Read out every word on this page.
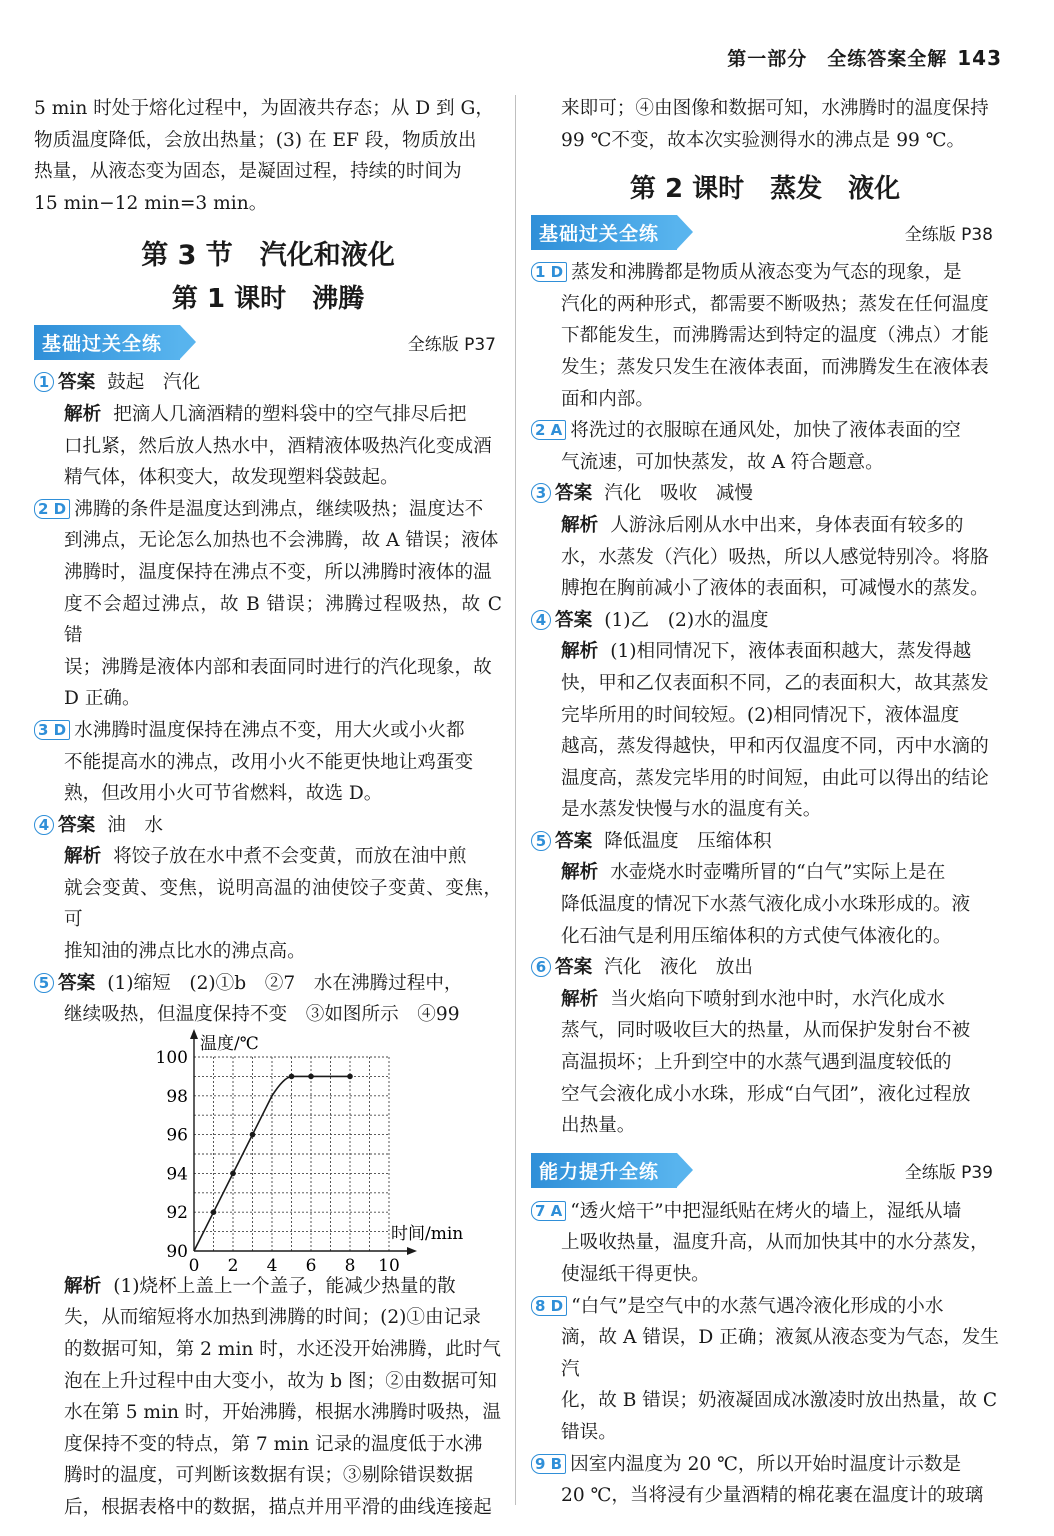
第一部分　全练答案全解 143

5 min 时处于熔化过程中，为固液共存态；从 D 到 G，

物质温度降低，会放出热量；(3) 在 EF 段，物质放出

热量，从液态变为固态，是凝固过程，持续的时间为

15 min−12 min=3 min。

第 3 节　汽化和液化
第 1 课时　沸腾
基础过关全练	全练版 P37

1 答案 鼓起　汽化

解析 把滴人几滴酒精的塑料袋中的空气排尽后把

口扎紧，然后放人热水中，酒精液体吸热汽化变成酒

精气体，体积变大，故发现塑料袋鼓起。

2 D 沸腾的条件是温度达到沸点，继续吸热；温度达不

到沸点，无论怎么加热也不会沸腾，故 A 错误；液体

沸腾时，温度保持在沸点不变，所以沸腾时液体的温

度不会超过沸点，故 B 错误；沸腾过程吸热，故 C 错

误；沸腾是液体内部和表面同时进行的汽化现象，故

D 正确。

3 D 水沸腾时温度保持在沸点不变，用大火或小火都

不能提高水的沸点，改用小火不能更快地让鸡蛋变

熟，但改用小火可节省燃料，故选 D。

4 答案 油　水

解析 将饺子放在水中煮不会变黄，而放在油中煎

就会变黄、变焦，说明高温的油使饺子变黄、变焦，可

推知油的沸点比水的沸点高。

5 答案 (1)缩短　(2)①b　②7　水在沸腾过程中，

继续吸热，但温度保持不变　③如图所示　④99

温度/℃
时间/min
0 2 4 6 8 10
90
92
94
96
98
100

解析 (1)烧杯上盖上一个盖子，能减少热量的散

失，从而缩短将水加热到沸腾的时间；(2)①由记录

的数据可知，第 2 min 时，水还没开始沸腾，此时气

泡在上升过程中由大变小，故为 b 图；②由数据可知

水在第 5 min 时，开始沸腾，根据水沸腾时吸热，温

度保持不变的特点，第 7 min 记录的温度低于水沸

腾时的温度，可判断该数据有误；③剔除错误数据

后，根据表格中的数据，描点并用平滑的曲线连接起

来即可；④由图像和数据可知，水沸腾时的温度保持

99 ℃不变，故本次实验测得水的沸点是 99 ℃。

第 2 课时　蒸发　液化
基础过关全练	全练版 P38

1 D 蒸发和沸腾都是物质从液态变为气态的现象，是

汽化的两种形式，都需要不断吸热；蒸发在任何温度

下都能发生，而沸腾需达到特定的温度（沸点）才能

发生；蒸发只发生在液体表面，而沸腾发生在液体表

面和内部。

2 A 将洗过的衣服晾在通风处，加快了液体表面的空

气流速，可加快蒸发，故 A 符合题意。

3 答案 汽化　吸收　减慢

解析 人游泳后刚从水中出来，身体表面有较多的

水，水蒸发（汽化）吸热，所以人感觉特别冷。将胳

膊抱在胸前减小了液体的表面积，可减慢水的蒸发。

4 答案 (1)乙　(2)水的温度

解析 (1)相同情况下，液体表面积越大，蒸发得越

快，甲和乙仅表面积不同，乙的表面积大，故其蒸发

完毕所用的时间较短。(2)相同情况下，液体温度

越高，蒸发得越快，甲和丙仅温度不同，丙中水滴的

温度高，蒸发完毕用的时间短，由此可以得出的结论

是水蒸发快慢与水的温度有关。

5 答案 降低温度　压缩体积

解析 水壶烧水时壶嘴所冒的“白气”实际上是在

降低温度的情况下水蒸气液化成小水珠形成的。液

化石油气是利用压缩体积的方式使气体液化的。

6 答案 汽化　液化　放出

解析 当火焰向下喷射到水池中时，水汽化成水

蒸气，同时吸收巨大的热量，从而保护发射台不被

高温损坏；上升到空中的水蒸气遇到温度较低的

空气会液化成小水珠，形成“白气团”，液化过程放

出热量。

能力提升全练	全练版 P39

7 A “透火焙干”中把湿纸贴在烤火的墙上，湿纸从墙

上吸收热量，温度升高，从而加快其中的水分蒸发，

使湿纸干得更快。

8 D “白气”是空气中的水蒸气遇冷液化形成的小水

滴，故 A 错误，D 正确；液氮从液态变为气态，发生汽

化，故 B 错误；奶液凝固成冰激凌时放出热量，故 C

错误。

9 B 因室内温度为 20 ℃，所以开始时温度计示数是

20 ℃，当将浸有少量酒精的棉花裹在温度计的玻璃
